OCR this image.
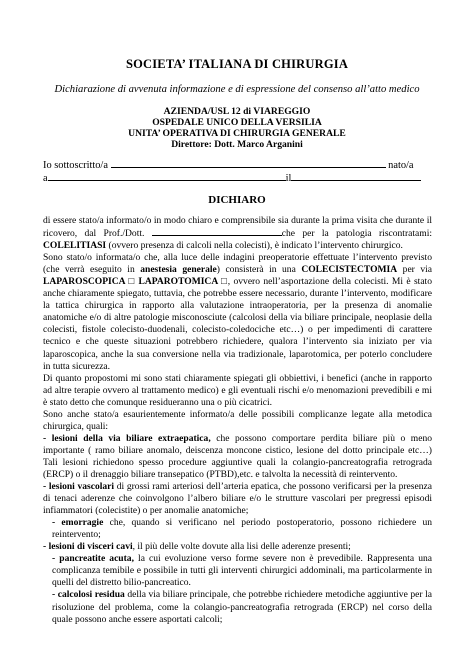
SOCIETA’ ITALIANA DI CHIRURGIA
Dichiarazione di avvenuta informazione e di espressione del consenso all’atto medico
AZIENDA/USL 12 di VIAREGGIO
OSPEDALE UNICO DELLA VERSILIA
UNITA’ OPERATIVA DI CHIRURGIA GENERALE
Direttore: Dott. Marco Arganini
Io sottoscritto/a	nato/a
a	il
DICHIARO

di essere stato/a informato/o in modo chiaro e comprensibile sia durante la prima visita che durante il ricovero, dal Prof./Dott.	che per la patologia riscontratami: COLELITIASI (ovvero presenza di calcoli nella colecisti), è indicato l’intervento chirurgico.

Sono stato/o informata/o che, alla luce delle indagini preoperatorie effettuate l’intervento previsto (che verrà eseguito in anestesia generale) consisterà in una COLECISTECTOMIA per via LAPAROSCOPICA □ LAPAROTOMICA □, ovvero nell’asportazione della colecisti. Mi è stato anche chiaramente spiegato, tuttavia, che potrebbe essere necessario, durante l’intervento, modificare la tattica chirurgica in rapporto alla valutazione intraoperatoria, per la presenza di anomalie anatomiche e/o di altre patologie misconosciute (calcolosi della via biliare principale, neoplasie della colecisti, fistole colecisto-duodenali, colecisto-coledociche etc…) o per impedimenti di carattere tecnico e che queste situazioni potrebbero richiedere, qualora l’intervento sia iniziato per via laparoscopica, anche la sua conversione nella via tradizionale, laparotomica, per poterlo concludere in tutta sicurezza.

Di quanto propostomi mi sono stati chiaramente spiegati gli obbiettivi, i benefici (anche in rapporto ad altre terapie ovvero al trattamento medico) e gli eventuali rischi e/o menomazioni prevedibili e mi è stato detto che comunque residueranno una o più cicatrici.

Sono anche stato/a esaurientemente informato/a delle possibili complicanze legate alla metodica chirurgica, quali:

- lesioni della via biliare extraepatica, che possono comportare perdita biliare più o meno importante ( ramo biliare anomalo, deiscenza moncone cistico, lesione del dotto principale etc…) Tali lesioni richiedono spesso procedure aggiuntive quali la colangio-pancreatografia retrograda (ERCP) o il drenaggio biliare transepatico (PTBD),etc. e talvolta la necessità di reintervento.

- lesioni vascolari di grossi rami arteriosi dell’arteria epatica, che possono verificarsi per la presenza di tenaci aderenze che coinvolgono l’albero biliare e/o le strutture vascolari per pregressi episodi infiammatori (colecistite) o per anomalie anatomiche;

- emorragie che, quando si verificano nel periodo postoperatorio, possono richiedere un reintervento;

- lesioni di visceri cavi, il più delle volte dovute alla lisi delle aderenze presenti;

- pancreatite acuta, la cui evoluzione verso forme severe non è prevedibile. Rappresenta una complicanza temibile e possibile in tutti gli interventi chirurgici addominali, ma particolarmente in quelli del distretto bilio-pancreatico.

- calcolosi residua della via biliare principale, che potrebbe richiedere metodiche aggiuntive per la risoluzione del problema, come la colangio-pancreatografia retrograda (ERCP) nel corso della quale possono anche essere asportati calcoli;
